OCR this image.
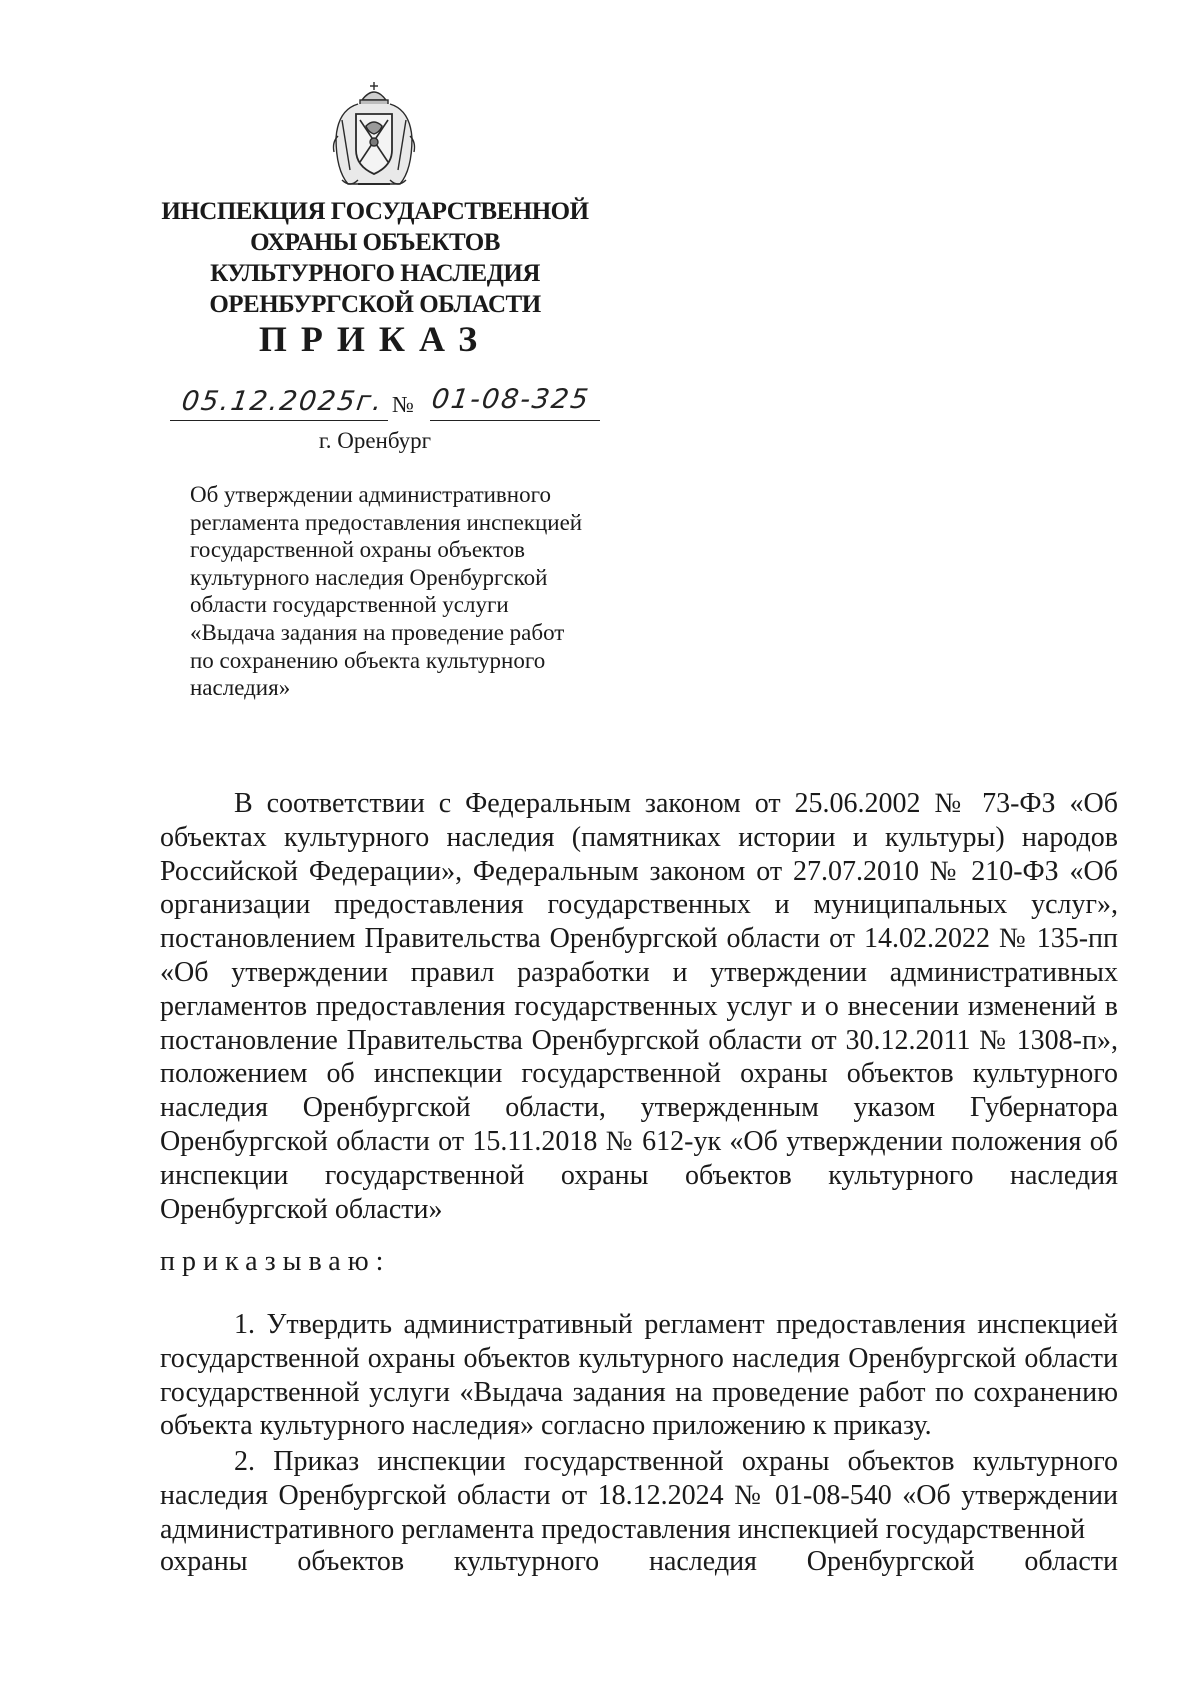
ИНСПЕКЦИЯ ГОСУДАРСТВЕННОЙ
ОХРАНЫ ОБЪЕКТОВ
КУЛЬТУРНОГО НАСЛЕДИЯ
ОРЕНБУРГСКОЙ ОБЛАСТИ
ПРИКАЗ
05.12.2025г. № 01-08-325
г. Оренбург
Об утверждении административного регламента предоставления инспекцией государственной охраны объектов культурного наследия Оренбургской области государственной услуги «Выдача задания на проведение работ по сохранению объекта культурного наследия»
В соответствии с Федеральным законом от 25.06.2002 № 73-ФЗ «Об объектах культурного наследия (памятниках истории и культуры) народов Российской Федерации», Федеральным законом от 27.07.2010 № 210-ФЗ «Об организации предоставления государственных и муниципальных услуг», постановлением Правительства Оренбургской области от 14.02.2022 № 135-пп «Об утверждении правил разработки и утверждении административных регламентов предоставления государственных услуг и о внесении изменений в постановление Правительства Оренбургской области от 30.12.2011 № 1308-п», положением об инспекции государственной охраны объектов культурного наследия Оренбургской области, утвержденным указом Губернатора Оренбургской области от 15.11.2018 № 612-ук «Об утверждении положения об инспекции государственной охраны объектов культурного наследия Оренбургской области»
приказываю:
1. Утвердить административный регламент предоставления инспекцией государственной охраны объектов культурного наследия Оренбургской области государственной услуги «Выдача задания на проведение работ по сохранению объекта культурного наследия» согласно приложению к приказу.
2. Приказ инспекции государственной охраны объектов культурного наследия Оренбургской области от 18.12.2024 № 01-08-540 «Об утверждении административного регламента предоставления инспекцией государственной
охраны объектов культурного наследия Оренбургской области
